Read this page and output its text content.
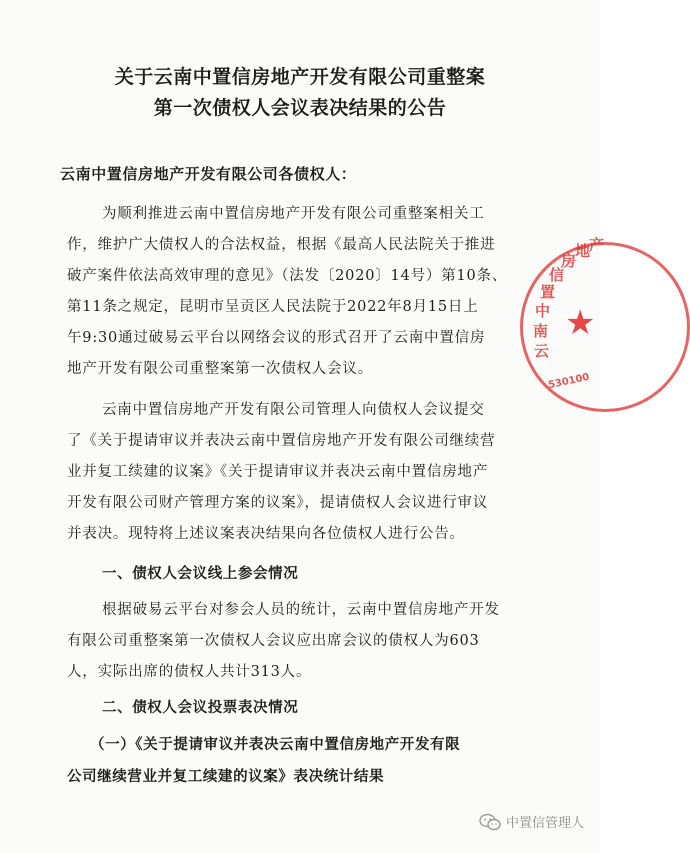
关于云南中置信房地产开发有限公司重整案
第一次债权人会议表决结果的公告
云南中置信房地产开发有限公司各债权人：
为顺利推进云南中置信房地产开发有限公司重整案相关工
作，维护广大债权人的合法权益，根据《最高人民法院关于推进
破产案件依法高效审理的意见》（法发〔2020〕14号）第10条、
第11条之规定，昆明市呈贡区人民法院于2022年8月15日上
午9:30通过破易云平台以网络会议的形式召开了云南中置信房
地产开发有限公司重整案第一次债权人会议。
云南中置信房地产开发有限公司管理人向债权人会议提交
了《关于提请审议并表决云南中置信房地产开发有限公司继续营
业并复工续建的议案》《关于提请审议并表决云南中置信房地产
开发有限公司财产管理方案的议案》，提请债权人会议进行审议
并表决。现特将上述议案表决结果向各位债权人进行公告。
一、债权人会议线上参会情况
根据破易云平台对参会人员的统计，云南中置信房地产开发
有限公司重整案第一次债权人会议应出席会议的债权人为603
人，实际出席的债权人共计313人。
二、债权人会议投票表决情况
（一）《关于提请审议并表决云南中置信房地产开发有限
公司继续营业并复工续建的议案》表决统计结果
★
云
南
中
置
信
房
地
产
530100
中置信管理人
